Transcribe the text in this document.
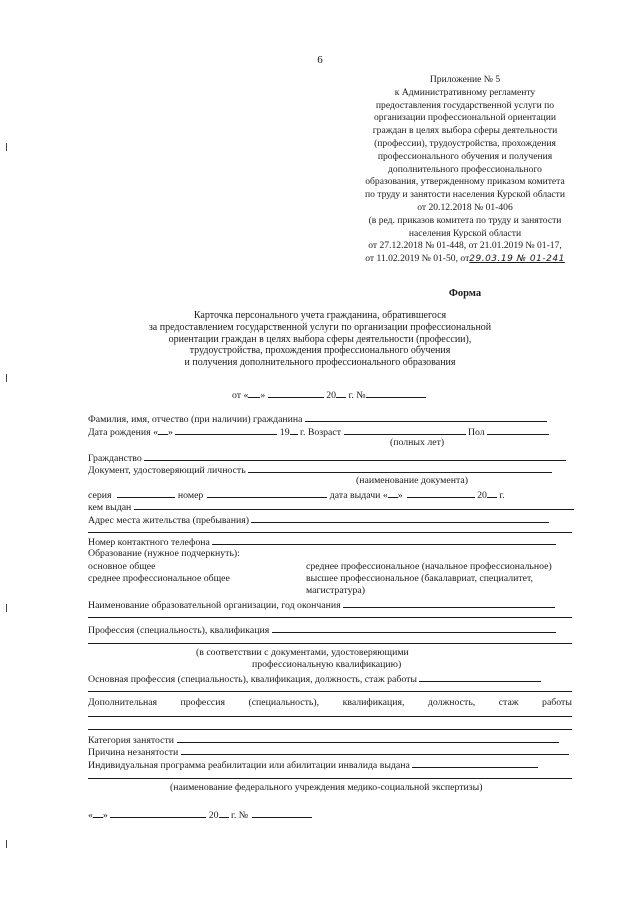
6
Приложение № 5
к Административному регламенту
предоставления государственной услуги по
организации профессиональной ориентации
граждан в целях выбора сферы деятельности
(профессии), трудоустройства, прохождения
профессионального обучения и получения
дополнительного профессионального
образования, утвержденному приказом комитета
по труду и занятости населения Курской области
от 20.12.2018 № 01-406
(в ред. приказов комитета по труду и занятости
населения Курской области
от 27.12.2018 № 01-448, от 21.01.2019 № 01-17,
от 11.02.2019 № 01-50, от29.03.19 № 01-241
Форма
Карточка персонального учета гражданина, обратившегося
за предоставлением государственной услуги по организации профессиональной
ориентации граждан в целях выбора сферы деятельности (профессии),
трудоустройства, прохождения профессионального обучения
и получения дополнительного профессионального образования
от « »	20 г. №
Фамилия, имя, отчество (при наличии) гражданина
Дата рождения « »	19 г. Возраст	Пол
(полных лет)
Гражданство
Документ, удостоверяющий личность
(наименование документа)
серия	номер	дата выдачи « »	20 г.
кем выдан
Адрес места жительства (пребывания)
Номер контактного телефона
Образование (нужное подчеркнуть):
основное общее	среднее профессиональное (начальное профессиональное)
среднее профессиональное общее	высшее профессиональное (бакалавриат, специалитет,
магистратура)
Наименование образовательной организации, год окончания
Профессия (специальность), квалификация
(в соответствии с документами, удостоверяющими
профессиональную квалификацию)
Основная профессия (специальность), квалификация, должность, стаж работы
Дополнительная профессия (специальность), квалификация, должность, стаж работы
Категория занятости
Причина незанятости
Индивидуальная программа реабилитации или абилитации инвалида выдана
(наименование федерального учреждения медико-социальной экспертизы)
« »	20 г. №
